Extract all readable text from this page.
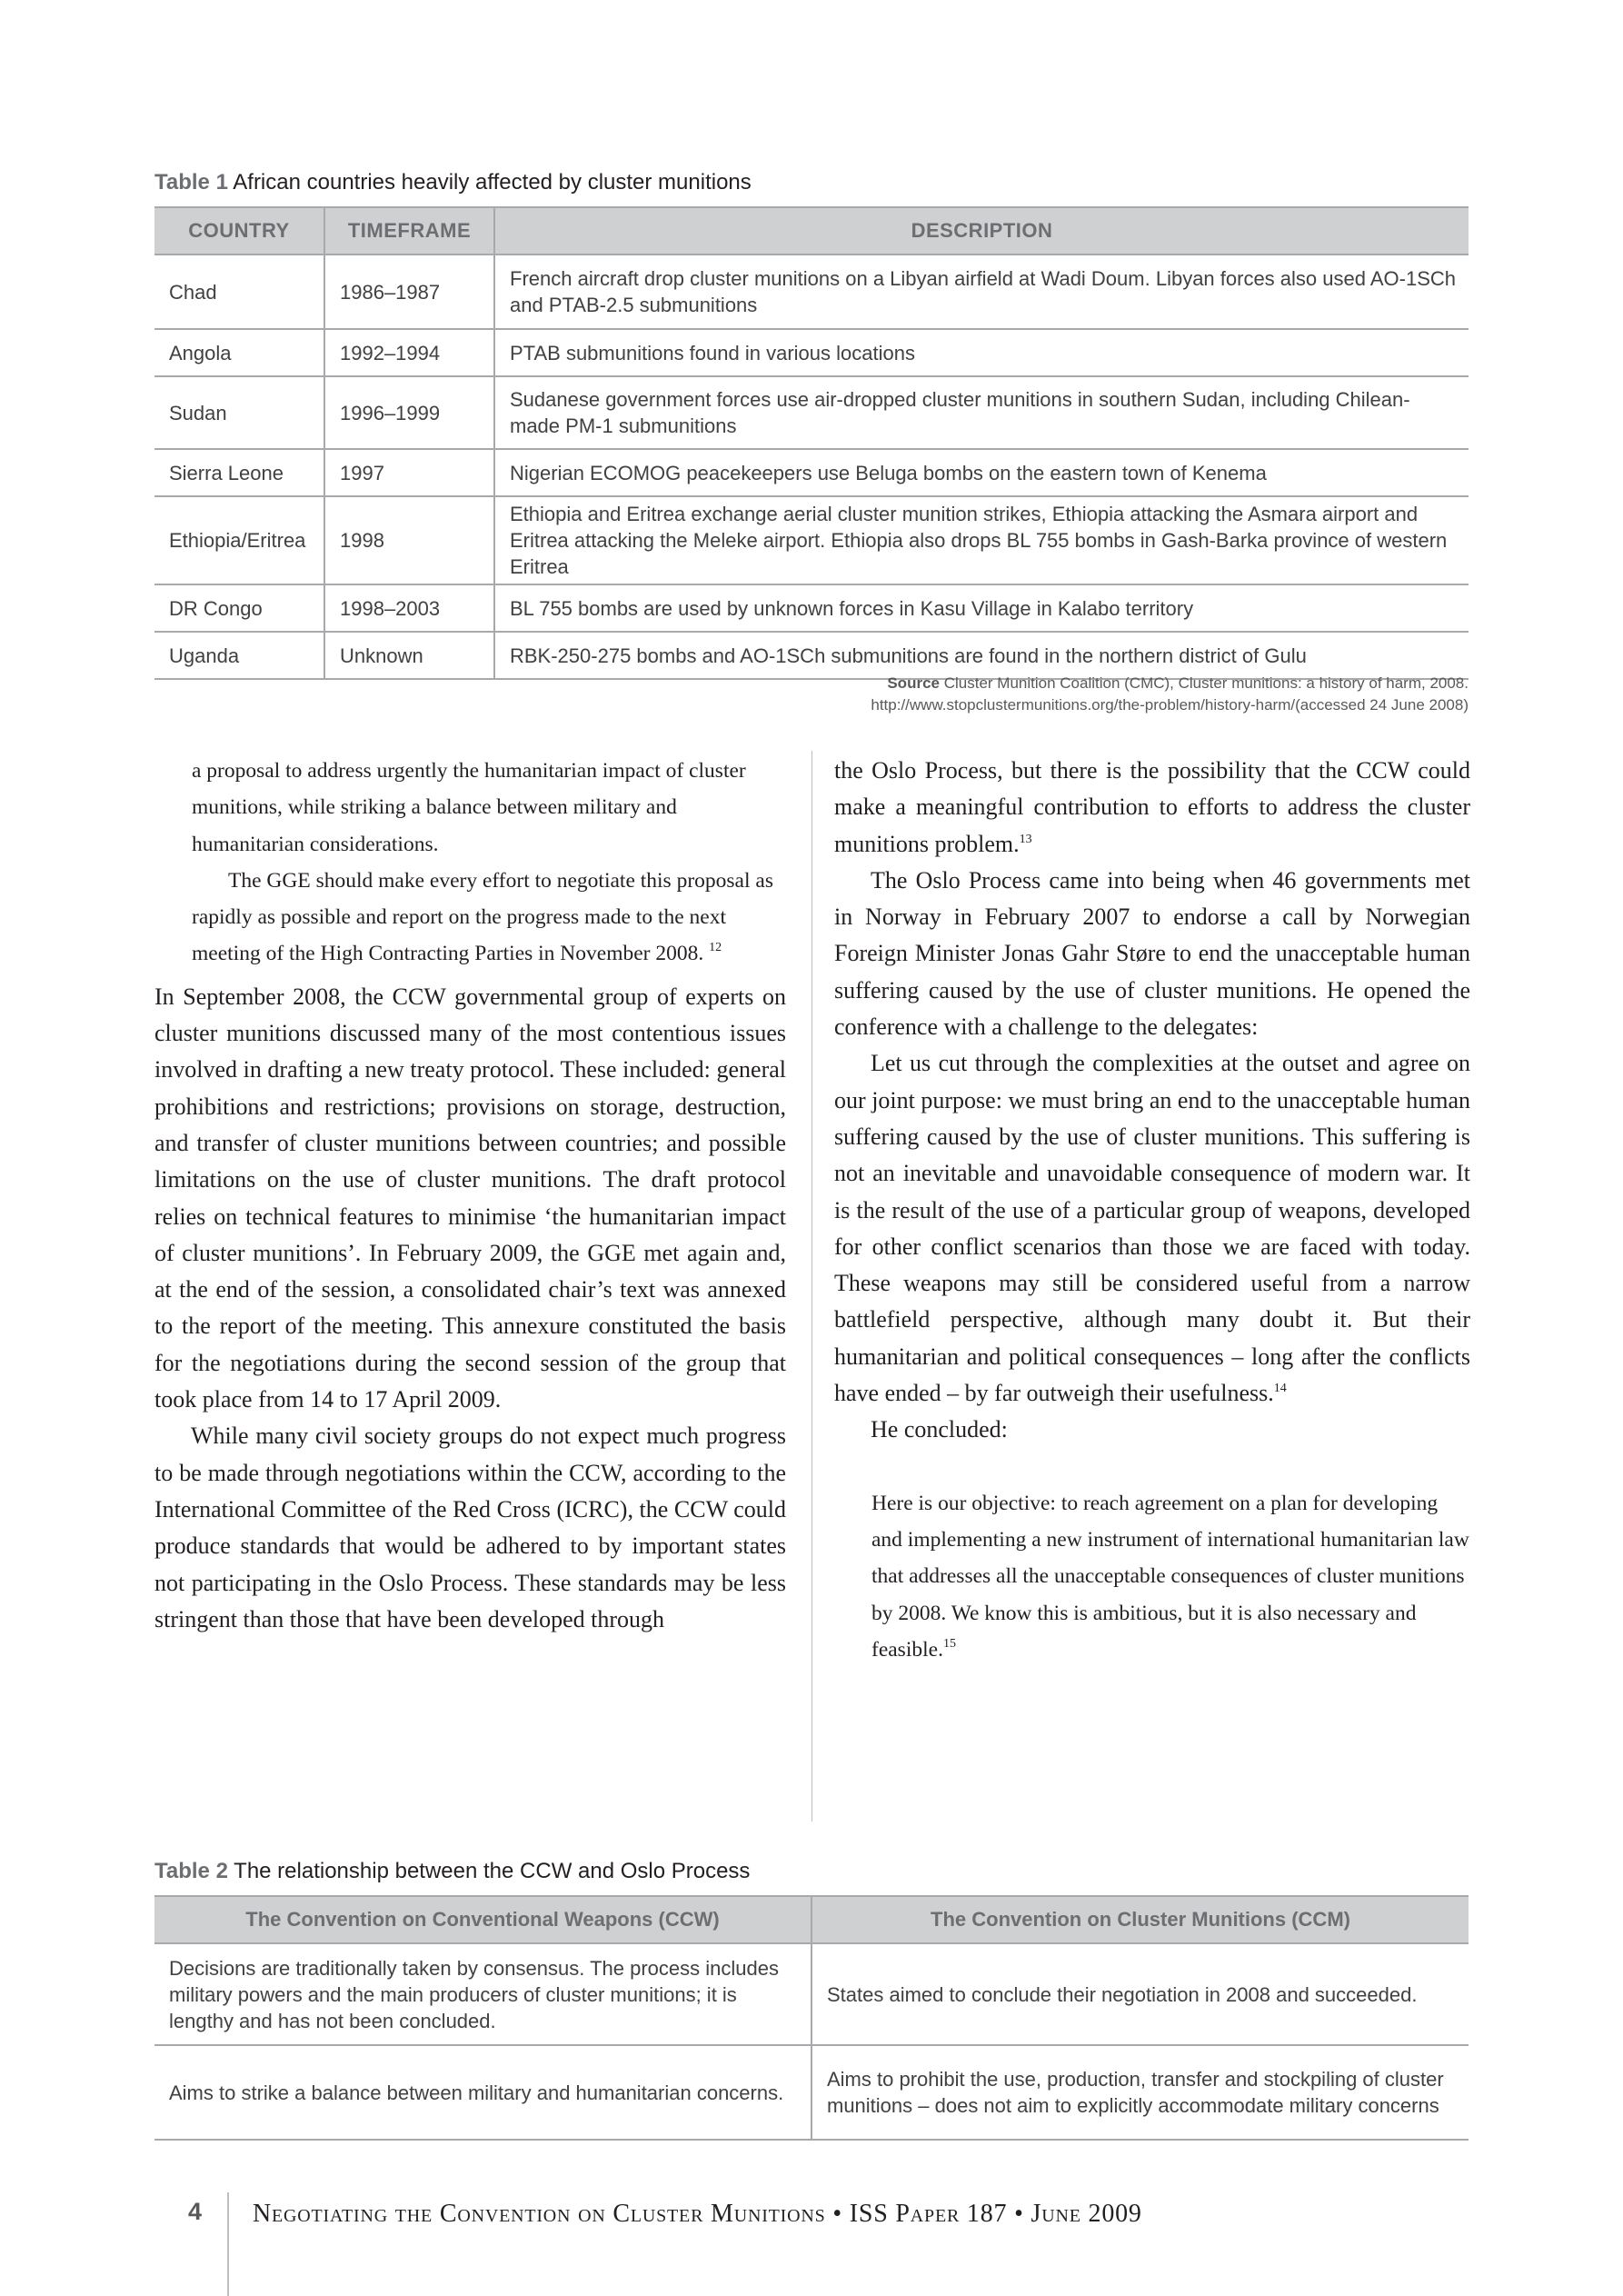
Table 1 African countries heavily affected by cluster munitions
COUNTRY	TIMEFRAME	DESCRIPTION
Chad	1986–1987	French aircraft drop cluster munitions on a Libyan airfield at Wadi Doum. Libyan forces also used AO-1SCh and PTAB-2.5 submunitions
Angola	1992–1994	PTAB submunitions found in various locations
Sudan	1996–1999	Sudanese government forces use air-dropped cluster munitions in southern Sudan, including Chilean-made PM-1 submunitions
Sierra Leone	1997	Nigerian ECOMOG peacekeepers use Beluga bombs on the eastern town of Kenema
Ethiopia/Eritrea	1998	Ethiopia and Eritrea exchange aerial cluster munition strikes, Ethiopia attacking the Asmara airport and Eritrea attacking the Meleke airport. Ethiopia also drops BL 755 bombs in Gash-Barka province of western Eritrea
DR Congo	1998–2003	BL 755 bombs are used by unknown forces in Kasu Village in Kalabo territory
Uganda	Unknown	RBK-250-275 bombs and AO-1SCh submunitions are found in the northern district of Gulu
Source Cluster Munition Coalition (CMC), Cluster munitions: a history of harm, 2008.
http://www.stopclustermunitions.org/the-problem/history-harm/(accessed 24 June 2008)

a proposal to address urgently the humanitarian impact of cluster munitions, while striking a balance between military and humanitarian considerations.

The GGE should make every effort to negotiate this proposal as rapidly as possible and report on the progress made to the next meeting of the High Contracting Parties in November 2008. $^{12}$

In September 2008, the CCW governmental group of experts on cluster munitions discussed many of the most contentious issues involved in drafting a new treaty protocol. These included: general prohibitions and restrictions; provisions on storage, destruction, and transfer of cluster munitions between countries; and possible limitations on the use of cluster munitions. The draft protocol relies on technical features to minimise ‘the humanitarian impact of cluster munitions’. In February 2009, the GGE met again and, at the end of the session, a consolidated chair’s text was annexed to the report of the meeting. This annexure constituted the basis for the negotiations during the second session of the group that took place from 14 to 17 April 2009.

While many civil society groups do not expect much progress to be made through negotiations within the CCW, according to the International Committee of the Red Cross (ICRC), the CCW could produce standards that would be adhered to by important states not participating in the Oslo Process. These standards may be less stringent than those that have been developed through

the Oslo Process, but there is the possibility that the CCW could make a meaningful contribution to efforts to address the cluster munitions problem.$^{13}$

The Oslo Process came into being when 46 governments met in Norway in February 2007 to endorse a call by Norwegian Foreign Minister Jonas Gahr Støre to end the unacceptable human suffering caused by the use of cluster munitions. He opened the conference with a challenge to the delegates:

Let us cut through the complexities at the outset and agree on our joint purpose: we must bring an end to the unacceptable human suffering caused by the use of cluster munitions. This suffering is not an inevitable and unavoidable consequence of modern war. It is the result of the use of a particular group of weapons, developed for other conflict scenarios than those we are faced with today. These weapons may still be considered useful from a narrow battlefield perspective, although many doubt it. But their humanitarian and political consequences – long after the conflicts have ended – by far outweigh their usefulness.$^{14}$

He concluded:

Here is our objective: to reach agreement on a plan for developing and implementing a new instrument of international humanitarian law that addresses all the unacceptable consequences of cluster munitions by 2008. We know this is ambitious, but it is also necessary and feasible.$^{15}$

Table 2 The relationship between the CCW and Oslo Process
The Convention on Conventional Weapons (CCW)	The Convention on Cluster Munitions (CCM)
Decisions are traditionally taken by consensus. The process includes military powers and the main producers of cluster munitions; it is lengthy and has not been concluded.	States aimed to conclude their negotiation in 2008 and succeeded.
Aims to strike a balance between military and humanitarian concerns.	Aims to prohibit the use, production, transfer and stockpiling of cluster munitions – does not aim to explicitly accommodate military concerns
4 Negotiating the Convention on Cluster Munitions • ISS Paper 187 • June 2009
